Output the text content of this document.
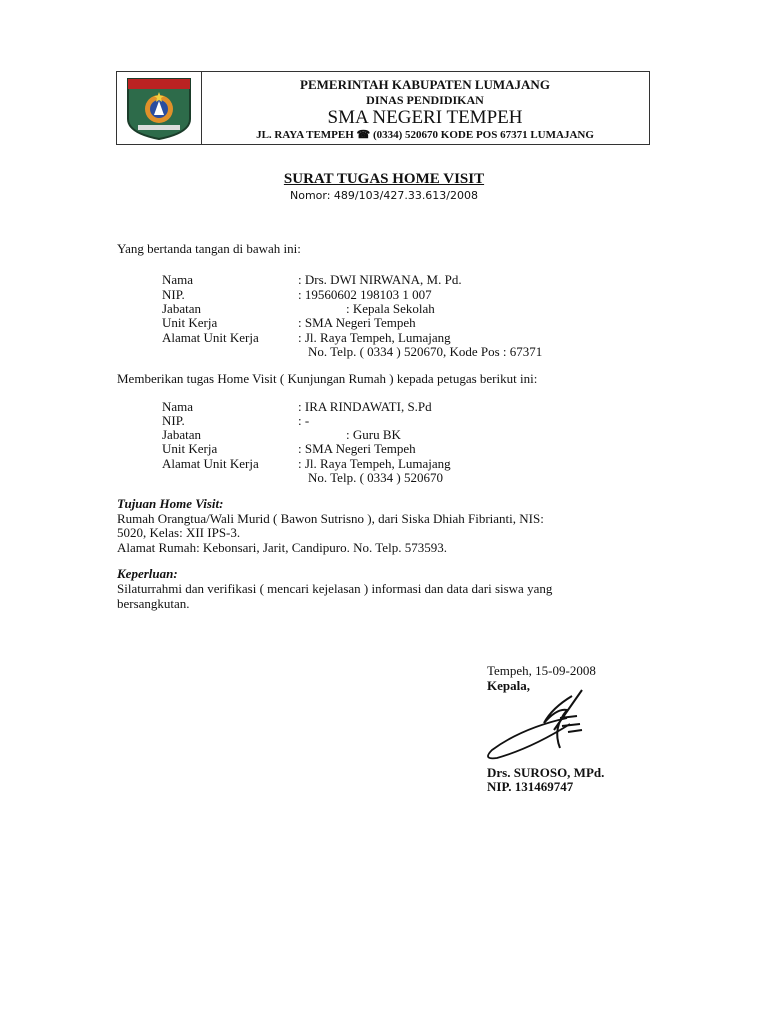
PEMERINTAH KABUPATEN LUMAJANG
DINAS PENDIDIKAN
SMA NEGERI TEMPEH
JL. RAYA TEMPEH ☎ (0334) 520670 KODE POS 67371 LUMAJANG
SURAT TUGAS HOME VISIT
Nomor: 489/103/427.33.613/2008
Yang bertanda tangan di bawah ini:
Nama	: Drs. DWI NIRWANA, M. Pd.
NIP.	: 19560602 198103 1 007
Jabatan	: Kepala Sekolah
Unit Kerja	: SMA Negeri Tempeh
Alamat Unit Kerja	: Jl. Raya Tempeh, Lumajang
No. Telp. ( 0334 ) 520670, Kode Pos : 67371
Memberikan tugas Home Visit ( Kunjungan Rumah ) kepada petugas berikut ini:
Nama	: IRA RINDAWATI, S.Pd
NIP.	: -
Jabatan	: Guru BK
Unit Kerja	: SMA Negeri Tempeh
Alamat Unit Kerja	: Jl. Raya Tempeh, Lumajang
No. Telp. ( 0334 ) 520670
Tujuan Home Visit:
Rumah Orangtua/Wali Murid ( Bawon Sutrisno ), dari Siska Dhiah Fibrianti, NIS:
5020, Kelas: XII IPS-3.
Alamat Rumah: Kebonsari, Jarit, Candipuro. No. Telp. 573593.
Keperluan:
Silaturrahmi dan verifikasi ( mencari kejelasan ) informasi dan data dari siswa yang
bersangkutan.
Tempeh, 15-09-2008
Kepala,
Drs. SUROSO, MPd.
NIP. 131469747
